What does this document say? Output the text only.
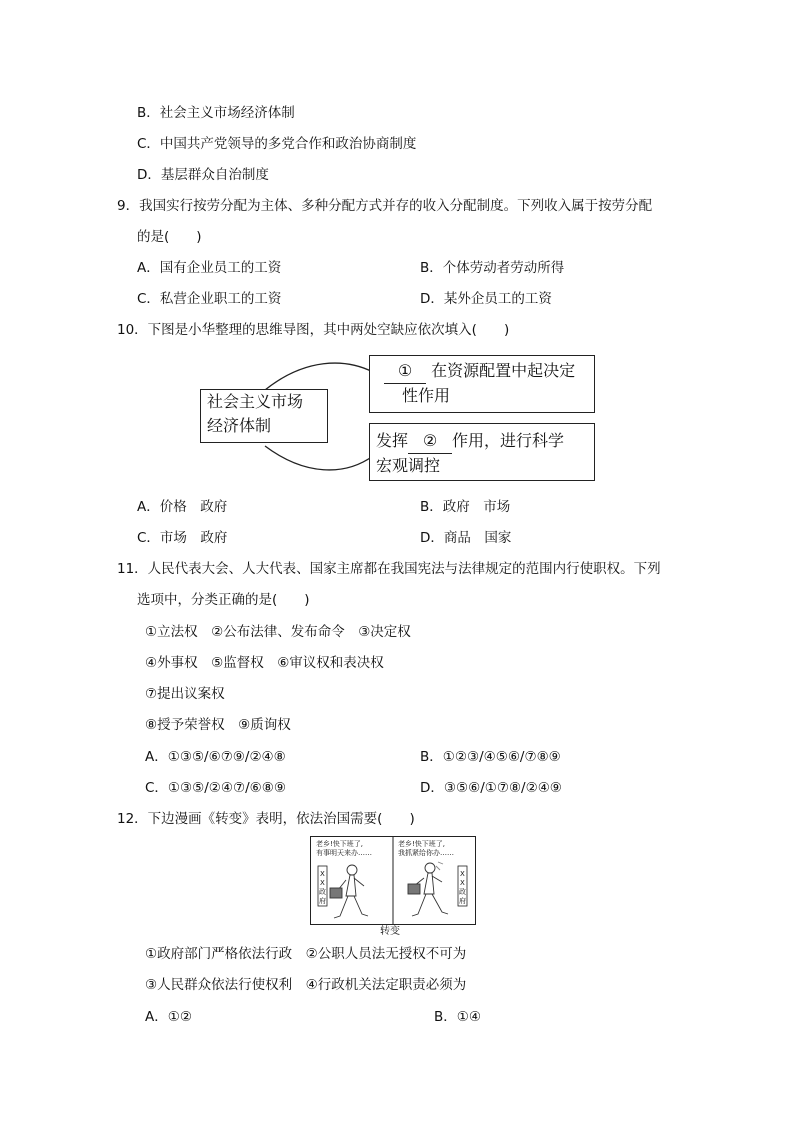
B．社会主义市场经济体制
C．中国共产党领导的多党合作和政治协商制度
D．基层群众自治制度
9．我国实行按劳分配为主体、多种分配方式并存的收入分配制度。下列收入属于按劳分配
的是(　　)
A．国有企业员工的工资	B．个体劳动者劳动所得
C．私营企业职工的工资	D．某外企员工的工资
10．下图是小华整理的思维导图，其中两处空缺应依次填入(　　)
社会主义市场
经济体制
① 在资源配置中起决定
性作用
发挥 ② 作用，进行科学
宏观调控
A．价格　政府	B．政府　市场
C．市场　政府	D．商品　国家
11．人民代表大会、人大代表、国家主席都在我国宪法与法律规定的范围内行使职权。下列
选项中，分类正确的是(　　)
①立法权　②公布法律、发布命令　③决定权
④外事权　⑤监督权　⑥审议权和表决权
⑦提出议案权
⑧授予荣誉权　⑨质询权
A．①③⑤/⑥⑦⑨/②④⑧	B．①②③/④⑤⑥/⑦⑧⑨
C．①③⑤/②④⑦/⑥⑧⑨	D．③⑤⑥/①⑦⑧/②④⑨
12．下边漫画《转变》表明，依法治国需要(　　)
X
X
政
府
X
X
政
府
老乡!快下班了,
有事明天来办……
老乡!快下班了,
我抓紧给你办……
转变
①政府部门严格依法行政　②公职人员法无授权不可为
③人民群众依法行使权利　④行政机关法定职责必须为
A．①②	B．①④
